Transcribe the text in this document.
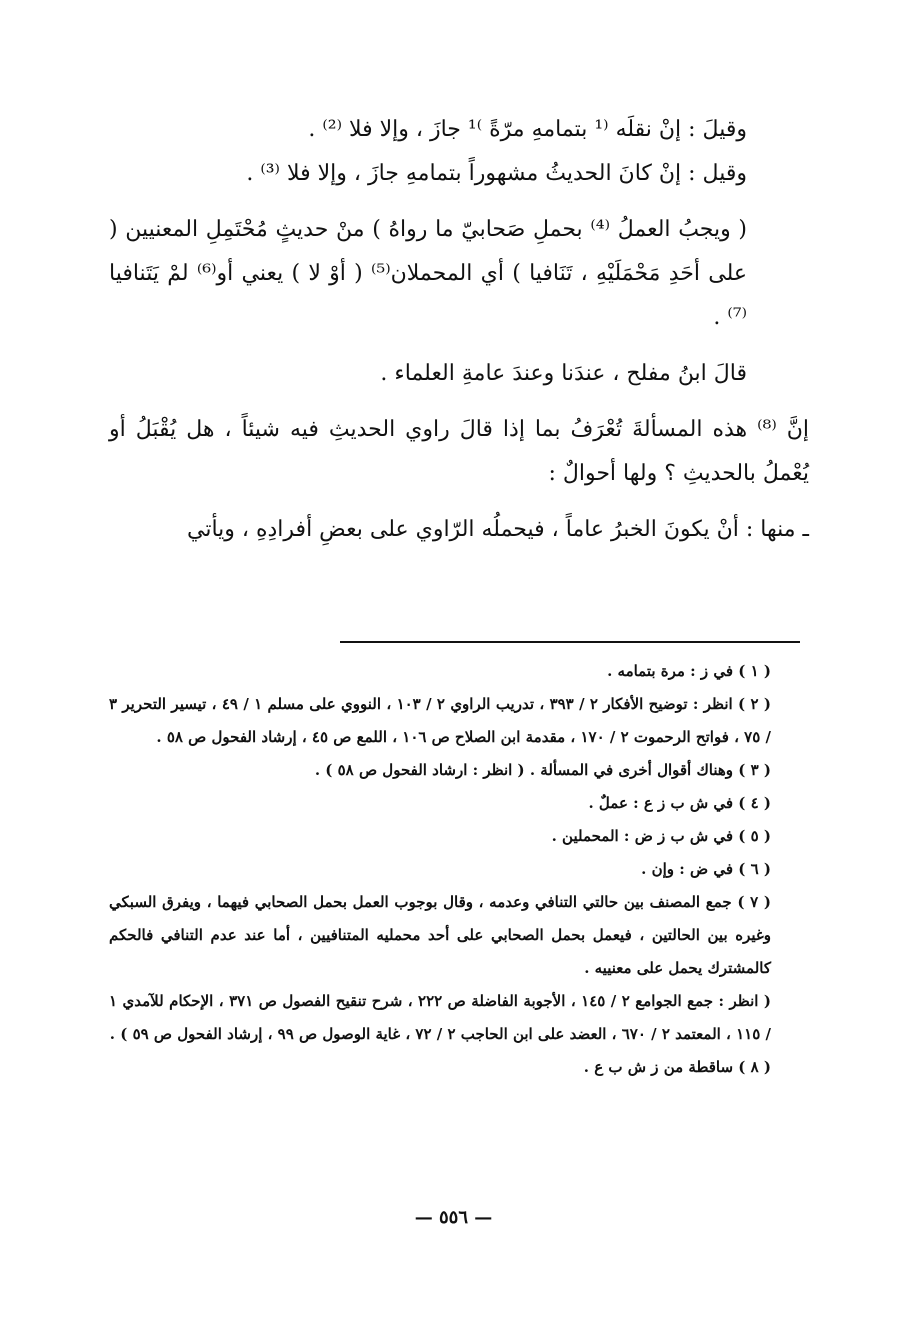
وقيلَ : إنْ نقلَه ⁽¹ بتمامهِ مرّةً ⁾¹ جازَ ، وإلا فلا ⁽²⁾ .

وقيل : إنْ كانَ الحديثُ مشهوراً بتمامهِ جازَ ، وإلا فلا ⁽³⁾ .

( ويجبُ العملُ ⁽⁴⁾ بحملِ صَحابيّ ما رواهُ ) منْ حديثٍ مُحْتَمِلِ المعنيين ( على أحَدِ مَحْمَلَيْهِ ، تَنَافيا ) أي المحملان⁽⁵⁾ ( أوْ لا ) يعني أو⁽⁶⁾ لمْ يَتَنافيا ⁽⁷⁾ .

قالَ ابنُ مفلح ، عندَنا وعندَ عامةِ العلماء .

إنَّ ⁽⁸⁾ هذه المسألةَ تُعْرَفُ بما إذا قالَ راوي الحديثِ فيه شيئاً ، هل يُقْبَلُ أو يُعْملُ بالحديثِ ؟ ولها أحوالٌ :

ـ منها : أنْ يكونَ الخبرُ عاماً ، فيحملُه الرّاوي على بعضِ أفرادِهِ ، ويأتي

( ١ ) في ز : مرة بتمامه .

( ٢ ) انظر : توضيح الأفكار ٢ / ٣٩٣ ، تدريب الراوي ٢ / ١٠٣ ، النووي على مسلم ١ / ٤٩ ، تيسير التحرير ٣ / ٧٥ ، فواتح الرحموت ٢ / ١٧٠ ، مقدمة ابن الصلاح ص ١٠٦ ، اللمع ص ٤٥ ، إرشاد الفحول ص ٥٨ .

( ٣ ) وهناك أقوال أخرى في المسألة . ( انظر : ارشاد الفحول ص ٥٨ ) .

( ٤ ) في ش ب ز ع : عملٌ .

( ٥ ) في ش ب ز ض : المحملين .

( ٦ ) في ض : وإن .

( ٧ ) جمع المصنف بين حالتي التنافي وعدمه ، وقال بوجوب العمل بحمل الصحابي فيهما ، ويفرق السبكي وغيره بين الحالتين ، فيعمل بحمل الصحابي على أحد محمليه المتنافيين ، أما عند عدم التنافي فالحكم كالمشترك يحمل على معنييه .

( انظر : جمع الجوامع ٢ / ١٤٥ ، الأجوبة الفاضلة ص ٢٢٢ ، شرح تنقيح الفصول ص ٣٧١ ، الإحكام للآمدي ١ / ١١٥ ، المعتمد ٢ / ٦٧٠ ، العضد على ابن الحاجب ٢ / ٧٢ ، غاية الوصول ص ٩٩ ، إرشاد الفحول ص ٥٩ ) .

( ٨ ) ساقطة من ز ش ب ع .

— ٥٥٦ —
